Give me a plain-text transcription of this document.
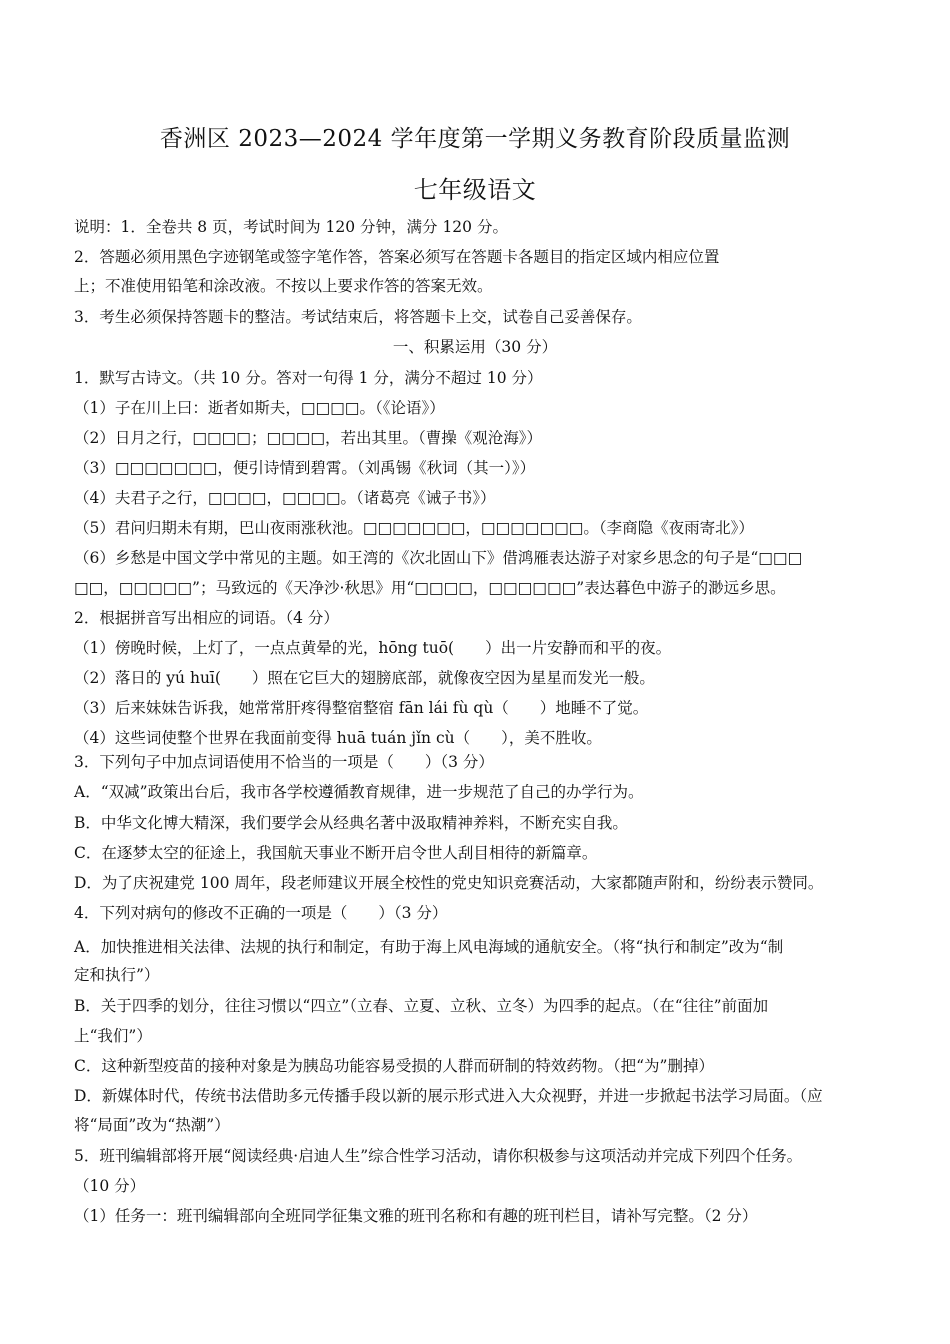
香洲区 2023—2024 学年度第一学期义务教育阶段质量监测
七年级语文
说明：1．全卷共 8 页，考试时间为 120 分钟，满分 120 分。
2．答题必须用黑色字迹钢笔或签字笔作答，答案必须写在答题卡各题目的指定区域内相应位置
上；不准使用铅笔和涂改液。不按以上要求作答的答案无效。
3．考生必须保持答题卡的整洁。考试结束后，将答题卡上交，试卷自己妥善保存。
一、积累运用（30 分）
1．默写古诗文。（共 10 分。答对一句得 1 分，满分不超过 10 分）
（1）子在川上曰：逝者如斯夫，□□□□。（《论语》）
（2）日月之行，□□□□；□□□□，若出其里。（曹操《观沧海》）
（3）□□□□□□□，便引诗情到碧霄。（刘禹锡《秋词（其一）》）
（4）夫君子之行，□□□□，□□□□。（诸葛亮《诫子书》）
（5）君问归期未有期，巴山夜雨涨秋池。□□□□□□□，□□□□□□□。（李商隐《夜雨寄北》）
（6）乡愁是中国文学中常见的主题。如王湾的《次北固山下》借鸿雁表达游子对家乡思念的句子是“□□□
□□，□□□□□”；马致远的《天净沙·秋思》用“□□□□，□□□□□□”表达暮色中游子的渺远乡思。
2．根据拼音写出相应的词语。（4 分）
（1）傍晚时候，上灯了，一点点黄晕的光，hōng tuō(　　）出一片安静而和平的夜。
（2）落日的 yú huī(　　）照在它巨大的翅膀底部，就像夜空因为星星而发光一般。
（3）后来妹妹告诉我，她常常肝疼得整宿整宿 fān lái fù qù（　　）地睡不了觉。
（4）这些词使整个世界在我面前变得 huā tuán jǐn cù（　　），美不胜收。
3．下列句子中加点词语使用不恰当的一项是（　　）（3 分）
A．“双减”政策出台后，我市各学校遵循教育规律，进一步规范了自己的办学行为。
B．中华文化博大精深，我们要学会从经典名著中汲取精神养料，不断充实自我。
C．在逐梦太空的征途上，我国航天事业不断开启令世人刮目相待的新篇章。
D．为了庆祝建党 100 周年，段老师建议开展全校性的党史知识竞赛活动，大家都随声附和，纷纷表示赞同。
4．下列对病句的修改不正确的一项是（　　）（3 分）
A．加快推进相关法律、法规的执行和制定，有助于海上风电海域的通航安全。（将“执行和制定”改为“制
定和执行”）
B．关于四季的划分，往往习惯以“四立”（立春、立夏、立秋、立冬）为四季的起点。（在“往往”前面加
上“我们”）
C．这种新型疫苗的接种对象是为胰岛功能容易受损的人群而研制的特效药物。（把“为”删掉）
D．新媒体时代，传统书法借助多元传播手段以新的展示形式进入大众视野，并进一步掀起书法学习局面。（应
将“局面”改为“热潮”）
5．班刊编辑部将开展“阅读经典·启迪人生”综合性学习活动，请你积极参与这项活动并完成下列四个任务。
（10 分）
（1）任务一：班刊编辑部向全班同学征集文雅的班刊名称和有趣的班刊栏目，请补写完整。（2 分）
